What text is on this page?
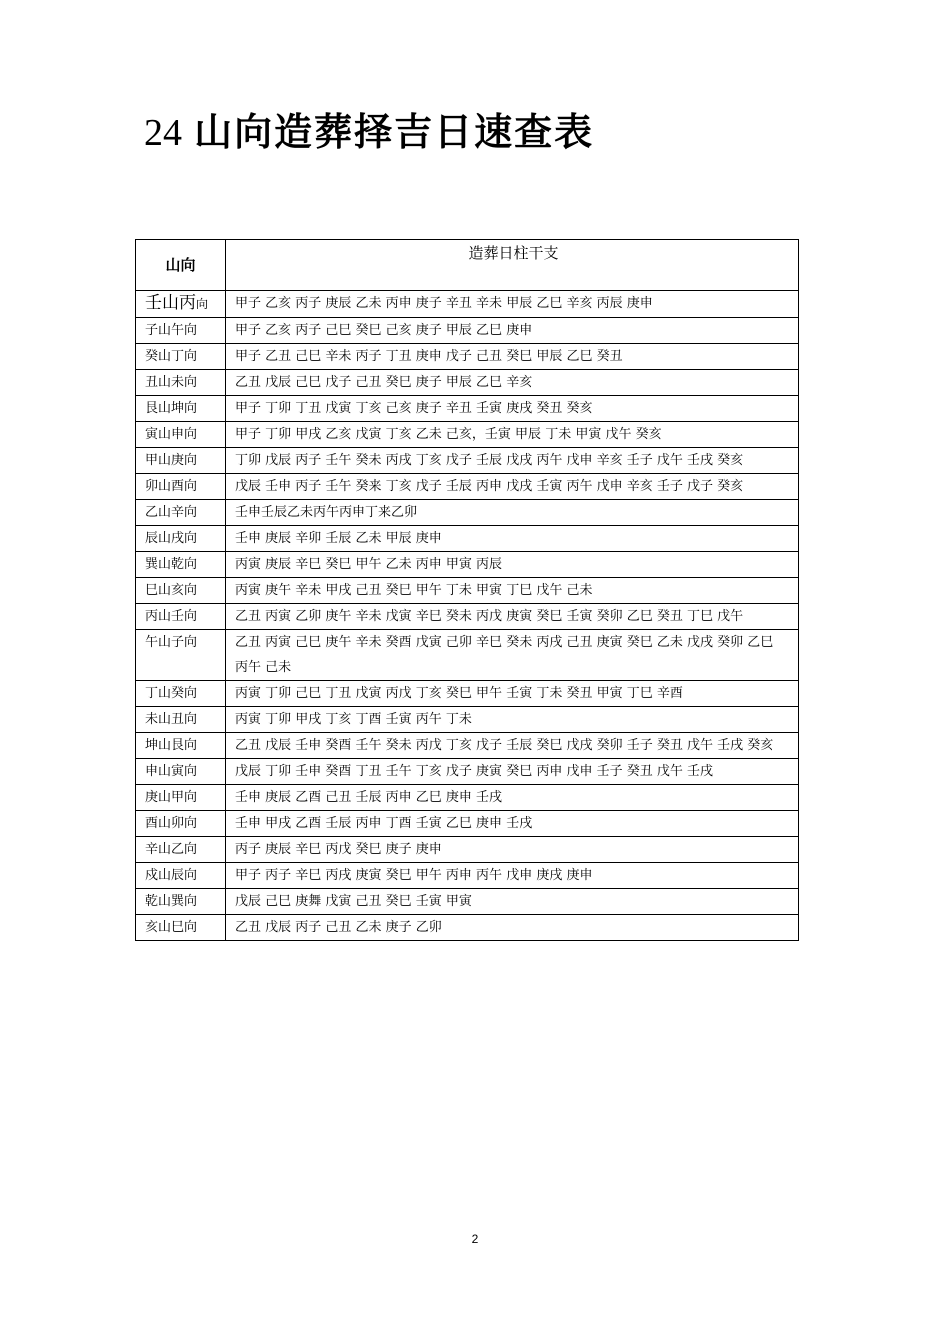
24 山向造葬择吉日速查表
山向	造葬日柱干支
壬山丙向	甲子 乙亥 丙子 庚辰 乙未 丙申 庚子 辛丑 辛未 甲辰 乙巳 辛亥 丙辰 庚申
子山午向	甲子 乙亥 丙子 己巳 癸巳 己亥 庚子 甲辰 乙巳 庚申
癸山丁向	甲子 乙丑 己巳 辛未 丙子 丁丑 庚申 戊子 己丑 癸巳 甲辰 乙巳 癸丑
丑山未向	乙丑 戊辰 己巳 戊子 己丑 癸巳 庚子 甲辰 乙巳 辛亥
艮山坤向	甲子 丁卯 丁丑 戊寅 丁亥 己亥 庚子 辛丑 壬寅 庚戌 癸丑 癸亥
寅山申向	甲子 丁卯 甲戌 乙亥 戊寅 丁亥 乙未 己亥，壬寅 甲辰 丁未 甲寅 戊午 癸亥
甲山庚向	丁卯 戊辰 丙子 壬午 癸未 丙戌 丁亥 戊子 壬辰 戊戌 丙午 戊申 辛亥 壬子 戊午 壬戌 癸亥
卯山酉向	戊辰 壬申 丙子 壬午 癸来 丁亥 戊子 壬辰 丙申 戊戌 壬寅 丙午 戊申 辛亥 壬子 戊子 癸亥
乙山辛向	壬申壬辰乙未丙午丙申丁来乙卯
辰山戌向	壬申 庚辰 辛卯 壬辰 乙未 甲辰 庚申
巽山乾向	丙寅 庚辰 辛巳 癸巳 甲午 乙未 丙申 甲寅 丙辰
巳山亥向	丙寅 庚午 辛未 甲戌 己丑 癸巳 甲午 丁未 甲寅 丁巳 戊午 己未
丙山壬向	乙丑 丙寅 乙卯 庚午 辛未 戊寅 辛巳 癸未 丙戊 庚寅 癸巳 壬寅 癸卯 乙巳 癸丑 丁巳 戊午
午山子向	乙丑 丙寅 己巳 庚午 辛未 癸酉 戊寅 己卯 辛巳 癸未 丙戌 己丑 庚寅 癸巳 乙未 戊戌 癸卯 乙巳 丙午 己未
丁山癸向	丙寅 丁卯 己巳 丁丑 戊寅 丙戊 丁亥 癸巳 甲午 壬寅 丁未 癸丑 甲寅 丁巳 辛酉
未山丑向	丙寅 丁卯 甲戌 丁亥 丁酉 壬寅 丙午 丁未
坤山艮向	乙丑 戊辰 壬申 癸酉 壬午 癸未 丙戊 丁亥 戊子 壬辰 癸巳 戊戌 癸卯 壬子 癸丑 戊午 壬戌 癸亥
申山寅向	戊辰 丁卯 壬申 癸酉 丁丑 壬午 丁亥 戊子 庚寅 癸巳 丙申 戊申 壬子 癸丑 戊午 壬戌
庚山甲向	壬申 庚辰 乙酉 己丑 壬辰 丙申 乙巳 庚申 壬戌
酉山卯向	壬申 甲戌 乙酉 壬辰 丙申 丁酉 壬寅 乙巳 庚申 壬戌
辛山乙向	丙子 庚辰 辛巳 丙戊 癸巳 庚子 庚申
戍山辰向	甲子 丙子 辛巳 丙戌 庚寅 癸巳 甲午 丙申 丙午 戊申 庚戌 庚申
乾山巽向	戊辰 己巳 庚舞 戊寅 己丑 癸巳 壬寅 甲寅
亥山巳向	乙丑 戊辰 丙子 己丑 乙未 庚子 乙卯
2
